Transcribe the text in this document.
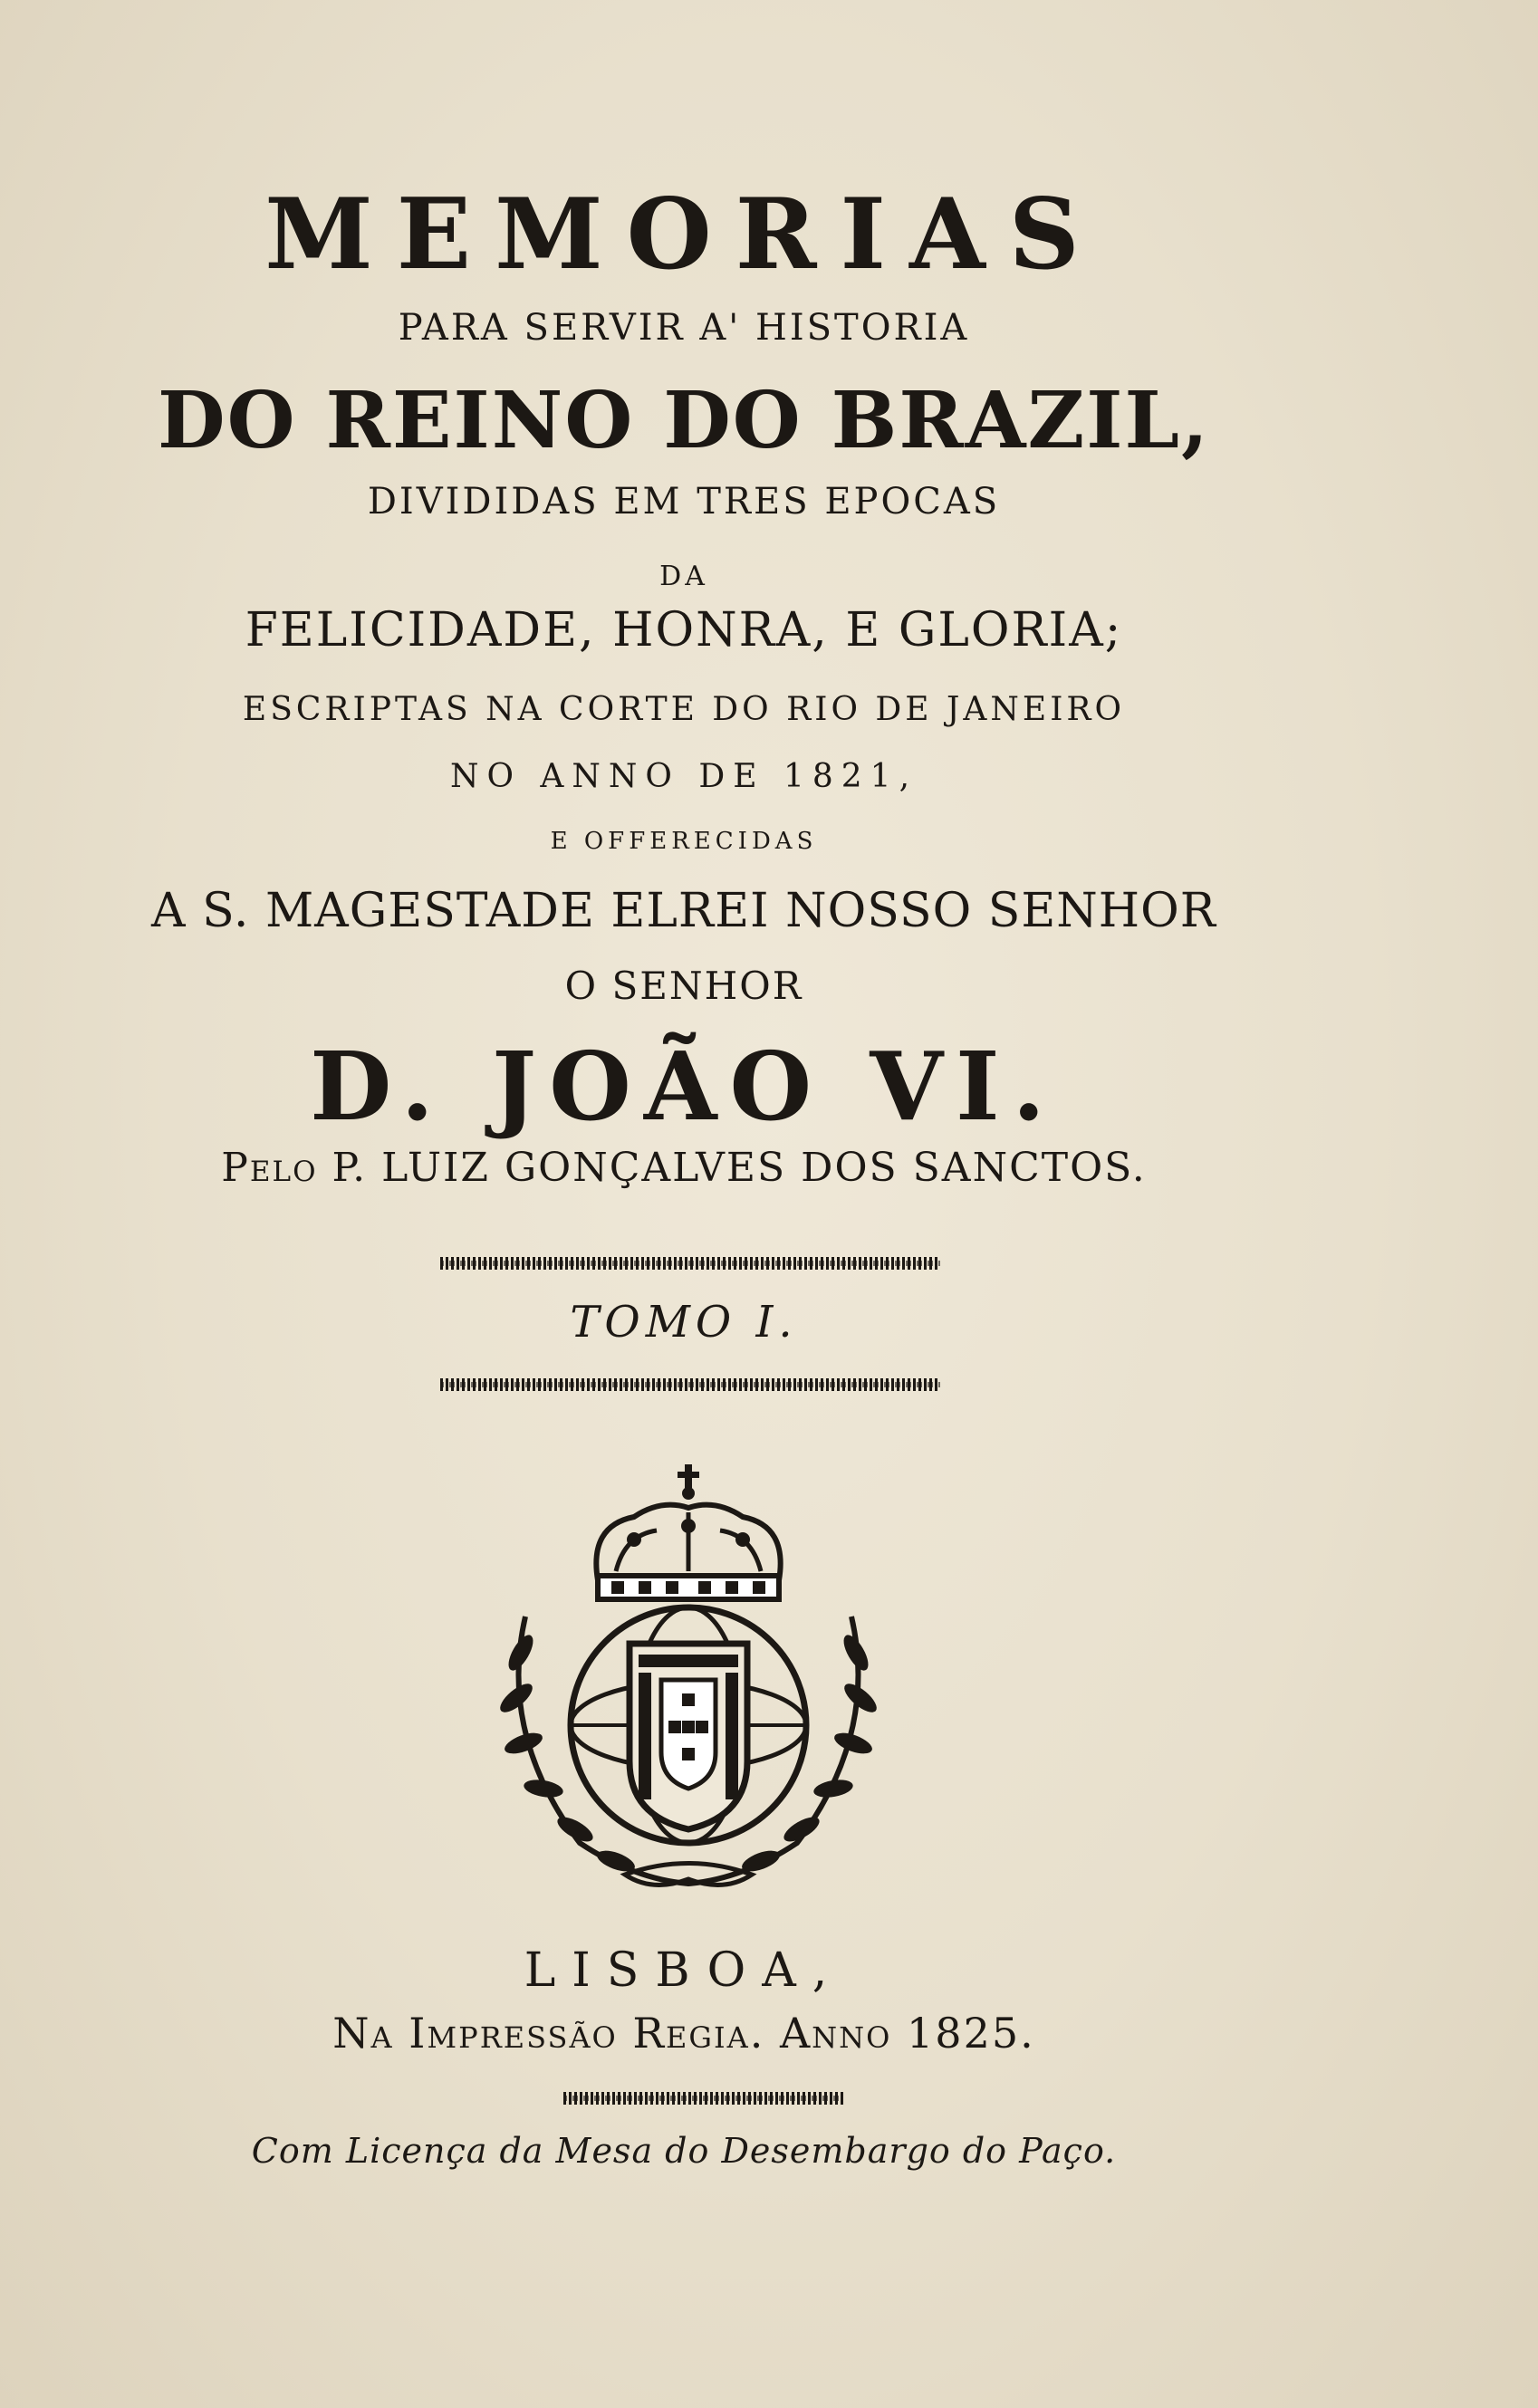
MEMORIAS
PARA SERVIR A' HISTORIA
DO REINO DO BRAZIL,
DIVIDIDAS EM TRES EPOCAS
DA
FELICIDADE, HONRA, E GLORIA;
ESCRIPTAS NA CORTE DO RIO DE JANEIRO
NO ANNO DE 1821,
E OFFERECIDAS
A S. MAGESTADE ELREI NOSSO SENHOR
O SENHOR
D. JOÃO VI.
Pelo P. LUIZ GONÇALVES DOS SANCTOS.
TOMO I.
LISBOA,
Na Impressão Regia. Anno 1825.
Com Licença da Mesa do Desembargo do Paço.
